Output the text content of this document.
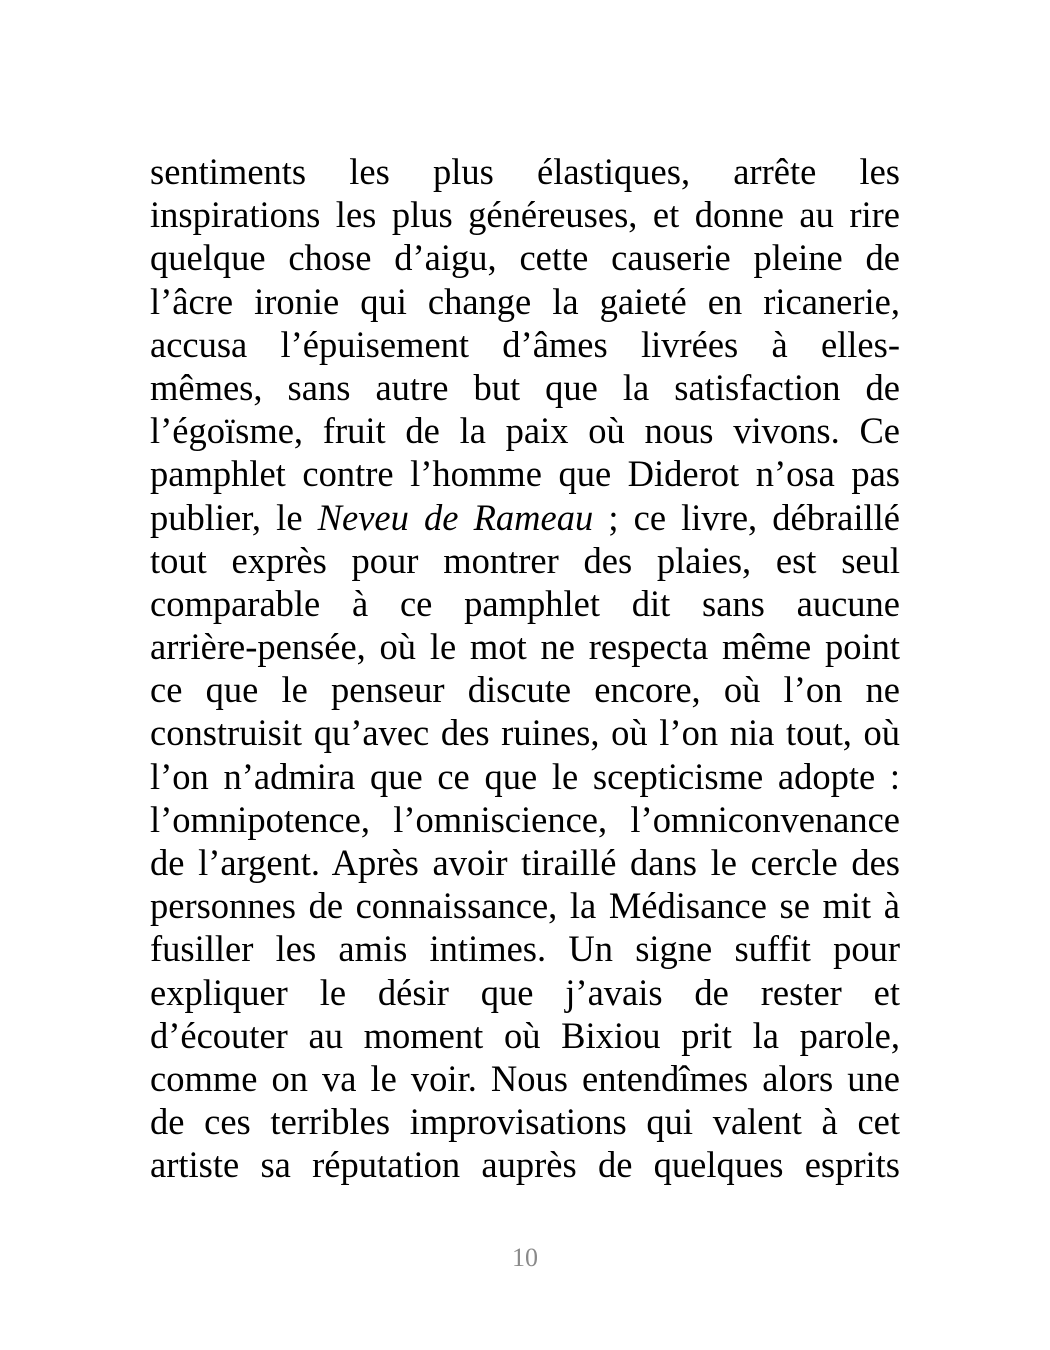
sentiments les plus élastiques, arrête les
inspirations les plus généreuses, et donne au rire
quelque chose d’aigu, cette causerie pleine de
l’âcre ironie qui change la gaieté en ricanerie,
accusa l’épuisement d’âmes livrées à elles-
mêmes, sans autre but que la satisfaction de
l’égoïsme, fruit de la paix où nous vivons. Ce
pamphlet contre l’homme que Diderot n’osa pas
publier, le Neveu de Rameau ; ce livre, débraillé
tout exprès pour montrer des plaies, est seul
comparable à ce pamphlet dit sans aucune
arrière-pensée, où le mot ne respecta même point
ce que le penseur discute encore, où l’on ne
construisit qu’avec des ruines, où l’on nia tout, où
l’on n’admira que ce que le scepticisme adopte :
l’omnipotence, l’omniscience, l’omniconvenance
de l’argent. Après avoir tiraillé dans le cercle des
personnes de connaissance, la Médisance se mit à
fusiller les amis intimes. Un signe suffit pour
expliquer le désir que j’avais de rester et
d’écouter au moment où Bixiou prit la parole,
comme on va le voir. Nous entendîmes alors une
de ces terribles improvisations qui valent à cet
artiste sa réputation auprès de quelques esprits
10
